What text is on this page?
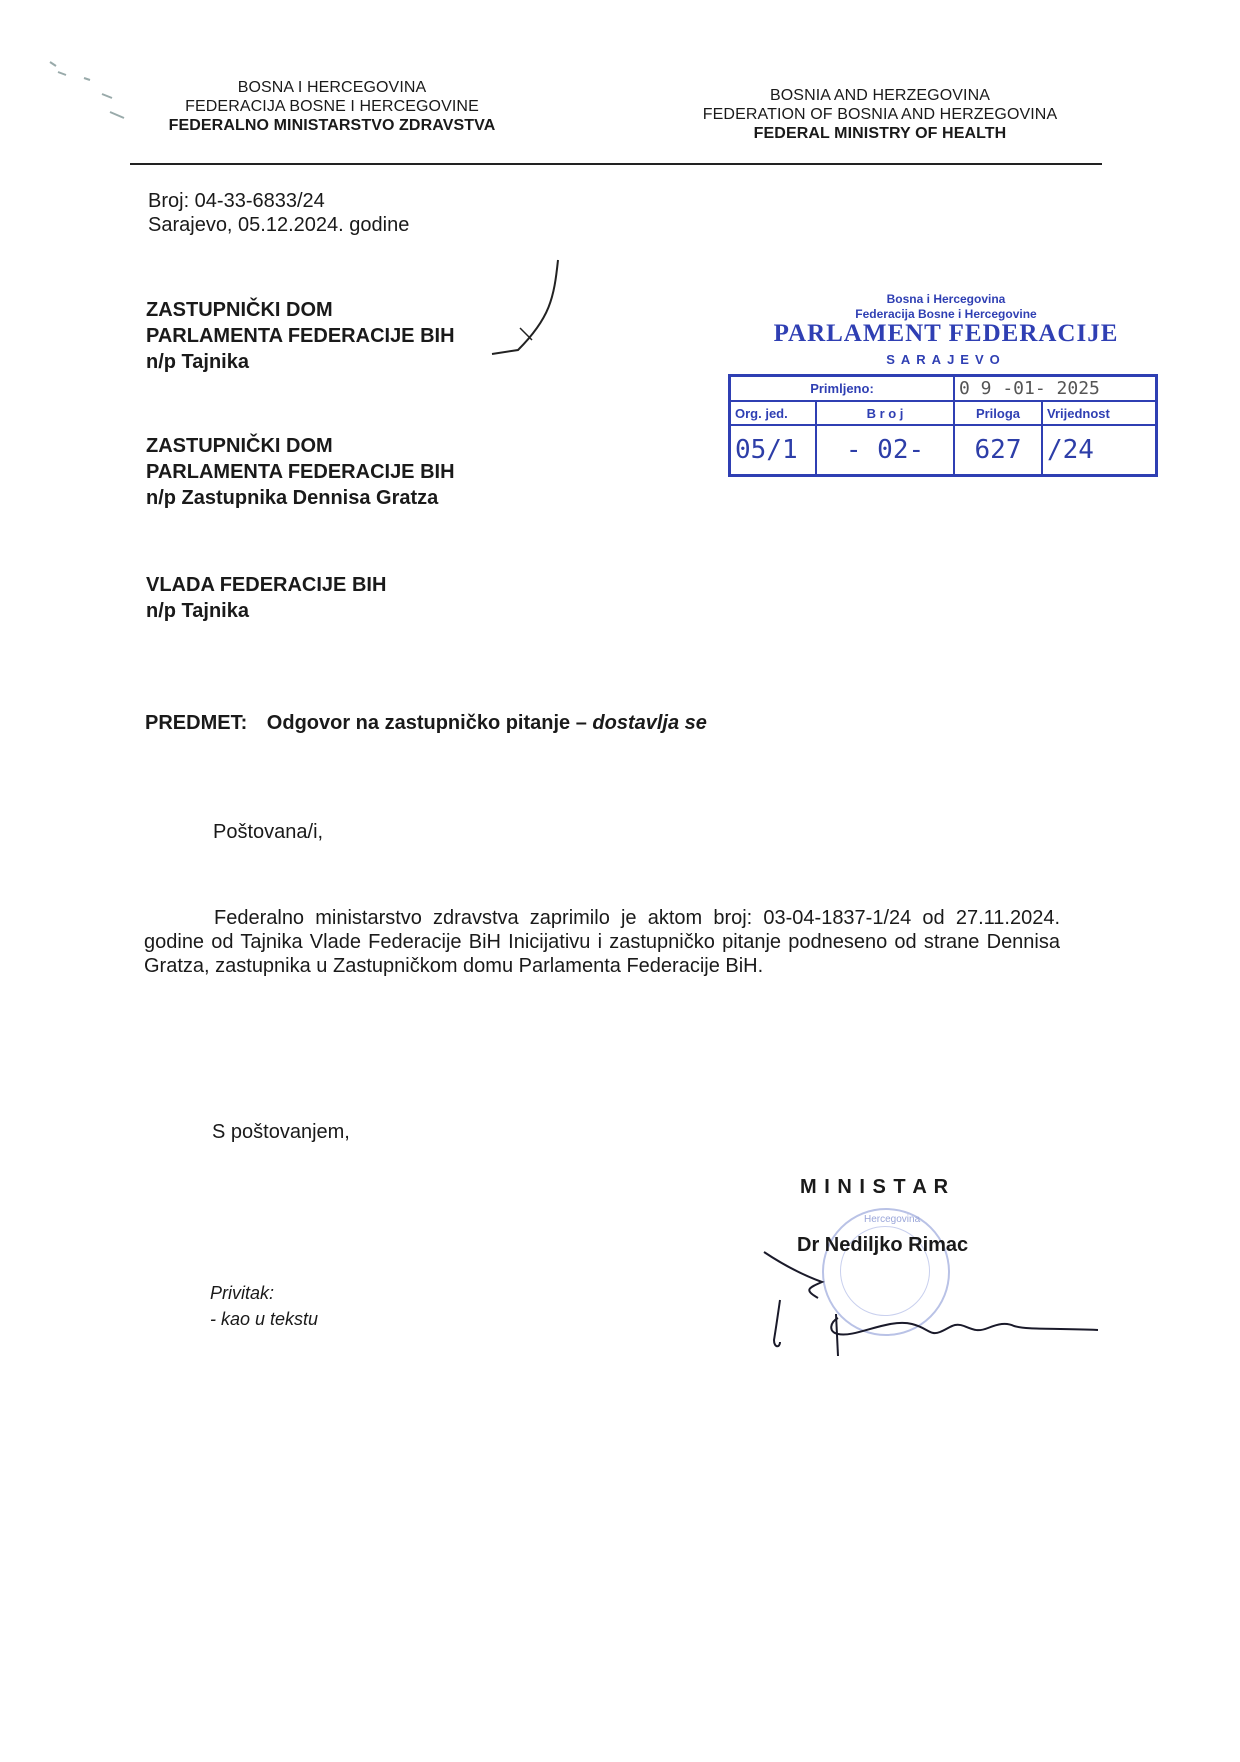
BOSNA I HERCEGOVINA
FEDERACIJA BOSNE I HERCEGOVINE
FEDERALNO MINISTARSTVO ZDRAVSTVA
BOSNIA AND HERZEGOVINA
FEDERATION OF BOSNIA AND HERZEGOVINA
FEDERAL MINISTRY OF HEALTH
Broj: 04-33-6833/24
Sarajevo, 05.12.2024. godine
ZASTUPNIČKI DOM
PARLAMENTA FEDERACIJE BIH
n/p Tajnika
ZASTUPNIČKI DOM
PARLAMENTA FEDERACIJE BIH
n/p Zastupnika Dennisa Gratza
VLADA FEDERACIJE BIH
n/p Tajnika
Bosna i Hercegovina
Federacija Bosne i Hercegovine
PARLAMENT FEDERACIJE
SARAJEVO
Primljeno:		0 9 -01- 2025	
Org. jed.	B r o j	Priloga	Vrijednost
05/1	- 02-	627	/24
PREDMET: Odgovor na zastupničko pitanje – dostavlja se
Poštovana/i,
Federalno ministarstvo zdravstva zaprimilo je aktom broj: 03-04-1837-1/24 od 27.11.2024. godine od Tajnika Vlade Federacije BiH Inicijativu i zastupničko pitanje podneseno od strane Dennisa Gratza, zastupnika u Zastupničkom domu Parlamenta Federacije BiH.
S poštovanjem,
M I N I S T A R
Hercegovina
Dr Nediljko Rimac
Privitak:
- kao u tekstu
